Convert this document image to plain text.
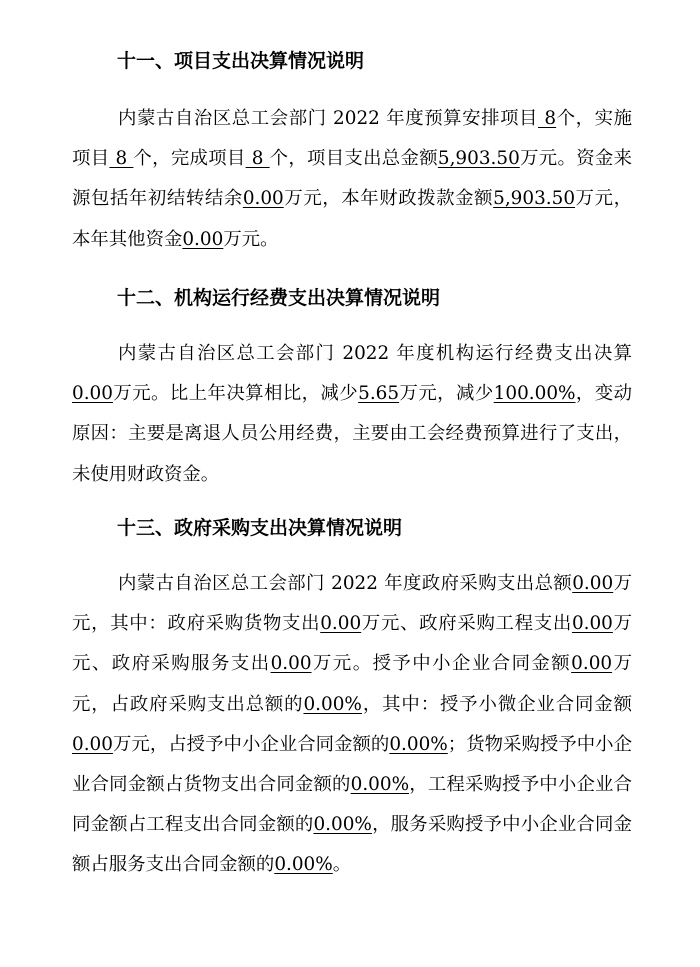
十一、项目支出决算情况说明
内蒙古自治区总工会部门 2022 年度预算安排项目 8个，实施项目 8 个，完成项目 8 个，项目支出总金额5,903.50万元。资金来源包括年初结转结余0.00万元，本年财政拨款金额5,903.50万元，本年其他资金0.00万元。
十二、机构运行经费支出决算情况说明
内蒙古自治区总工会部门 2022 年度机构运行经费支出决算0.00万元。比上年决算相比，减少5.65万元，减少100.00%，变动原因：主要是离退人员公用经费，主要由工会经费预算进行了支出，未使用财政资金。
十三、政府采购支出决算情况说明
内蒙古自治区总工会部门 2022 年度政府采购支出总额0.00万元，其中：政府采购货物支出0.00万元、政府采购工程支出0.00万元、政府采购服务支出0.00万元。授予中小企业合同金额0.00万元，占政府采购支出总额的0.00%，其中：授予小微企业合同金额0.00万元，占授予中小企业合同金额的0.00%；货物采购授予中小企业合同金额占货物支出合同金额的0.00%，工程采购授予中小企业合同金额占工程支出合同金额的0.00%，服务采购授予中小企业合同金额占服务支出合同金额的0.00%。
